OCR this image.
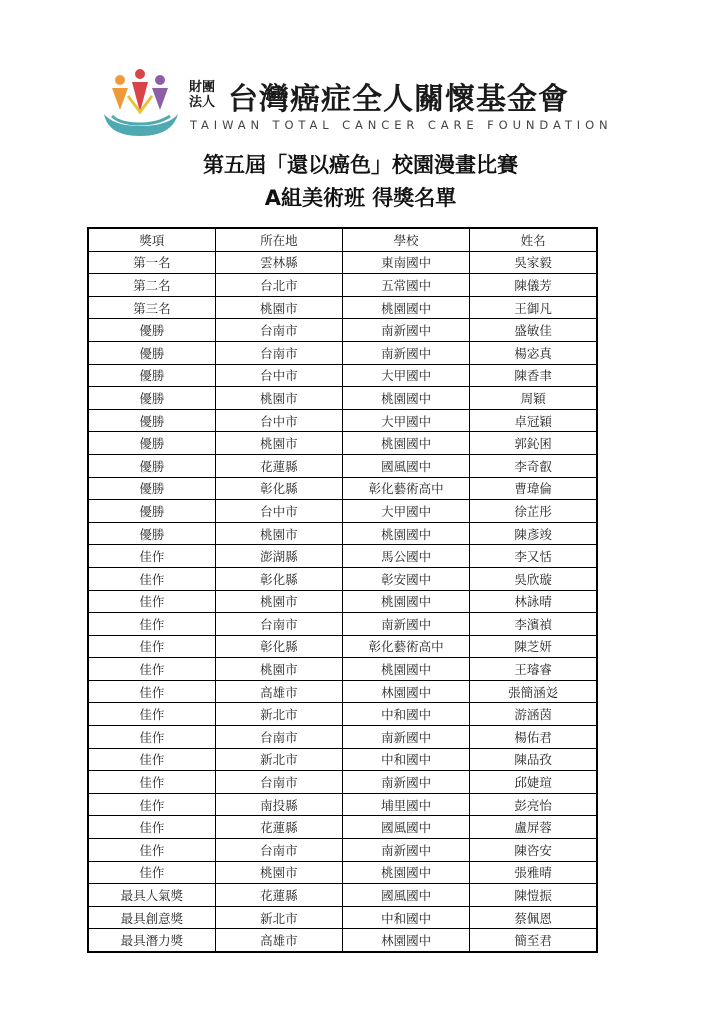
財團
法人 台灣癌症全人關懷基金會
TAIWAN TOTAL CANCER CARE FOUNDATION
第五屆「還以癌色」校園漫畫比賽
A組美術班 得獎名單
獎項	所在地	學校	姓名
第一名	雲林縣	東南國中	吳家毅
第二名	台北市	五常國中	陳儀芳
第三名	桃園市	桃園國中	王御凡
優勝	台南市	南新國中	盛敏佳
優勝	台南市	南新國中	楊宓真
優勝	台中市	大甲國中	陳香聿
優勝	桃園市	桃園國中	周穎
優勝	台中市	大甲國中	卓冠穎
優勝	桃園市	桃園國中	郭鈊囷
優勝	花蓮縣	國風國中	李奇叡
優勝	彰化縣	彰化藝術高中	曹瑋倫
優勝	台中市	大甲國中	徐芷彤
優勝	桃園市	桃園國中	陳彥竣
佳作	澎湖縣	馬公國中	李又恬
佳作	彰化縣	彰安國中	吳欣璇
佳作	桃園市	桃園國中	林詠晴
佳作	台南市	南新國中	李濱禎
佳作	彰化縣	彰化藝術高中	陳芝妍
佳作	桃園市	桃園國中	王璿睿
佳作	高雄市	林園國中	張簡涵彣
佳作	新北市	中和國中	游涵茵
佳作	台南市	南新國中	楊佑君
佳作	新北市	中和國中	陳品孜
佳作	台南市	南新國中	邱婕瑄
佳作	南投縣	埔里國中	彭亮怡
佳作	花蓮縣	國風國中	盧屏蓉
佳作	台南市	南新國中	陳咨安
佳作	桃園市	桃園國中	張雅晴
最具人氣獎	花蓮縣	國風國中	陳愷振
最具創意獎	新北市	中和國中	蔡佩恩
最具潛力獎	高雄市	林園國中	簡至君
